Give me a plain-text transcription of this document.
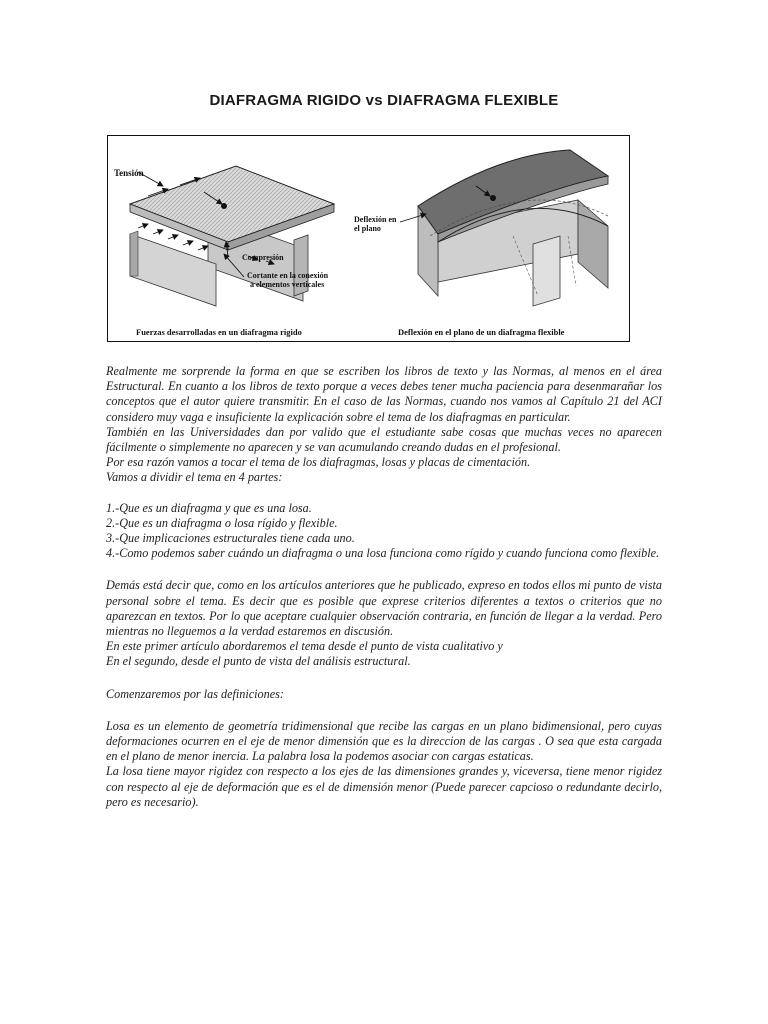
DIAFRAGMA RIGIDO vs DIAFRAGMA FLEXIBLE
Tensión
Compresión
Cortante en la conexión
a elementos verticales
Fuerzas desarrolladas en un diafragma rigido
Deflexión en
el plano
Deflexión en el plano de un diafragma flexible

Realmente me sorprende la forma en que se escriben los libros de texto y las Normas, al menos en el área Estructural. En cuanto a los libros de texto porque a veces debes tener mucha paciencia para desenmarañar los conceptos que el autor quiere transmitir. En el caso de las Normas, cuando nos vamos al Capítulo 21 del ACI considero muy vaga e insuficiente la explicación sobre el tema de los diafragmas en particular.

También en las Universidades dan por valido que el estudiante sabe cosas que muchas veces no aparecen fácilmente o simplemente no aparecen y se van acumulando creando dudas en el profesional.

Por esa razón vamos a tocar el tema de los diafragmas, losas y placas de cimentación.

Vamos a dividir el tema en 4 partes:

1.-Que es un diafragma y que es una losa.

2.-Que es un diafragma o losa rígido y flexible.

3.-Que implicaciones estructurales tiene cada uno.

4.-Como podemos saber cuándo un diafragma o una losa funciona como rígido y cuando funciona como flexible.

Demás está decir que, como en los artículos anteriores que he publicado, expreso en todos ellos mi punto de vista personal sobre el tema. Es decir que es posible que exprese criterios diferentes a textos o criterios que no aparezcan en textos. Por lo que aceptare cualquier observación contraria, en función de llegar a la verdad. Pero mientras no lleguemos a la verdad estaremos en discusión.

En este primer artículo abordaremos el tema desde el punto de vista cualitativo y

En el segundo, desde el punto de vista del análisis estructural.

Comenzaremos por las definiciones:

Losa es un elemento de geometría tridimensional que recibe las cargas en un plano bidimensional, pero cuyas deformaciones ocurren en el eje de menor dimensión que es la direccion de las cargas . O sea que esta cargada en el plano de menor inercia. La palabra losa la podemos asociar con cargas estaticas.

La losa tiene mayor rigidez con respecto a los ejes de las dimensiones grandes y, viceversa, tiene menor rigidez con respecto al eje de deformación que es el de dimensión menor (Puede parecer capcioso o redundante decirlo, pero es necesario).
